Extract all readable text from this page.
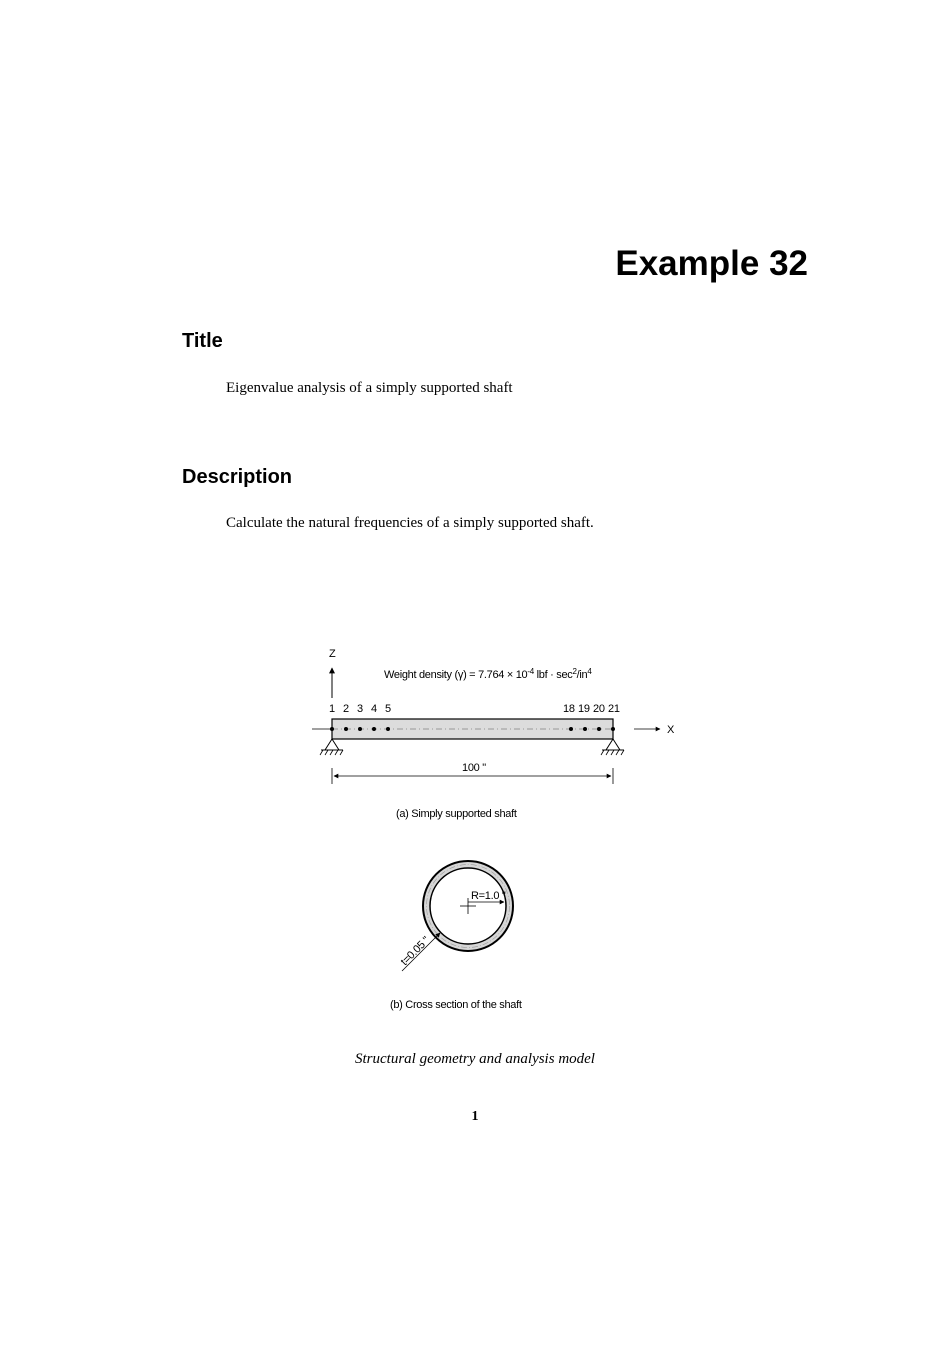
Example 32
Title

Eigenvalue analysis of a simply supported shaft

Description

Calculate the natural frequencies of a simply supported shaft.

Z
Weight density $(\gamma) = 7.764 \times 10^{-4}$ lbf · $\sec^2/in^4$
1 2 3 4 5	18 19 20 21
X
100 "
(a) Simply supported shaft
R=1.0 "
t=0.05 "
(b) Cross section of the shaft

Structural geometry and analysis model

1
